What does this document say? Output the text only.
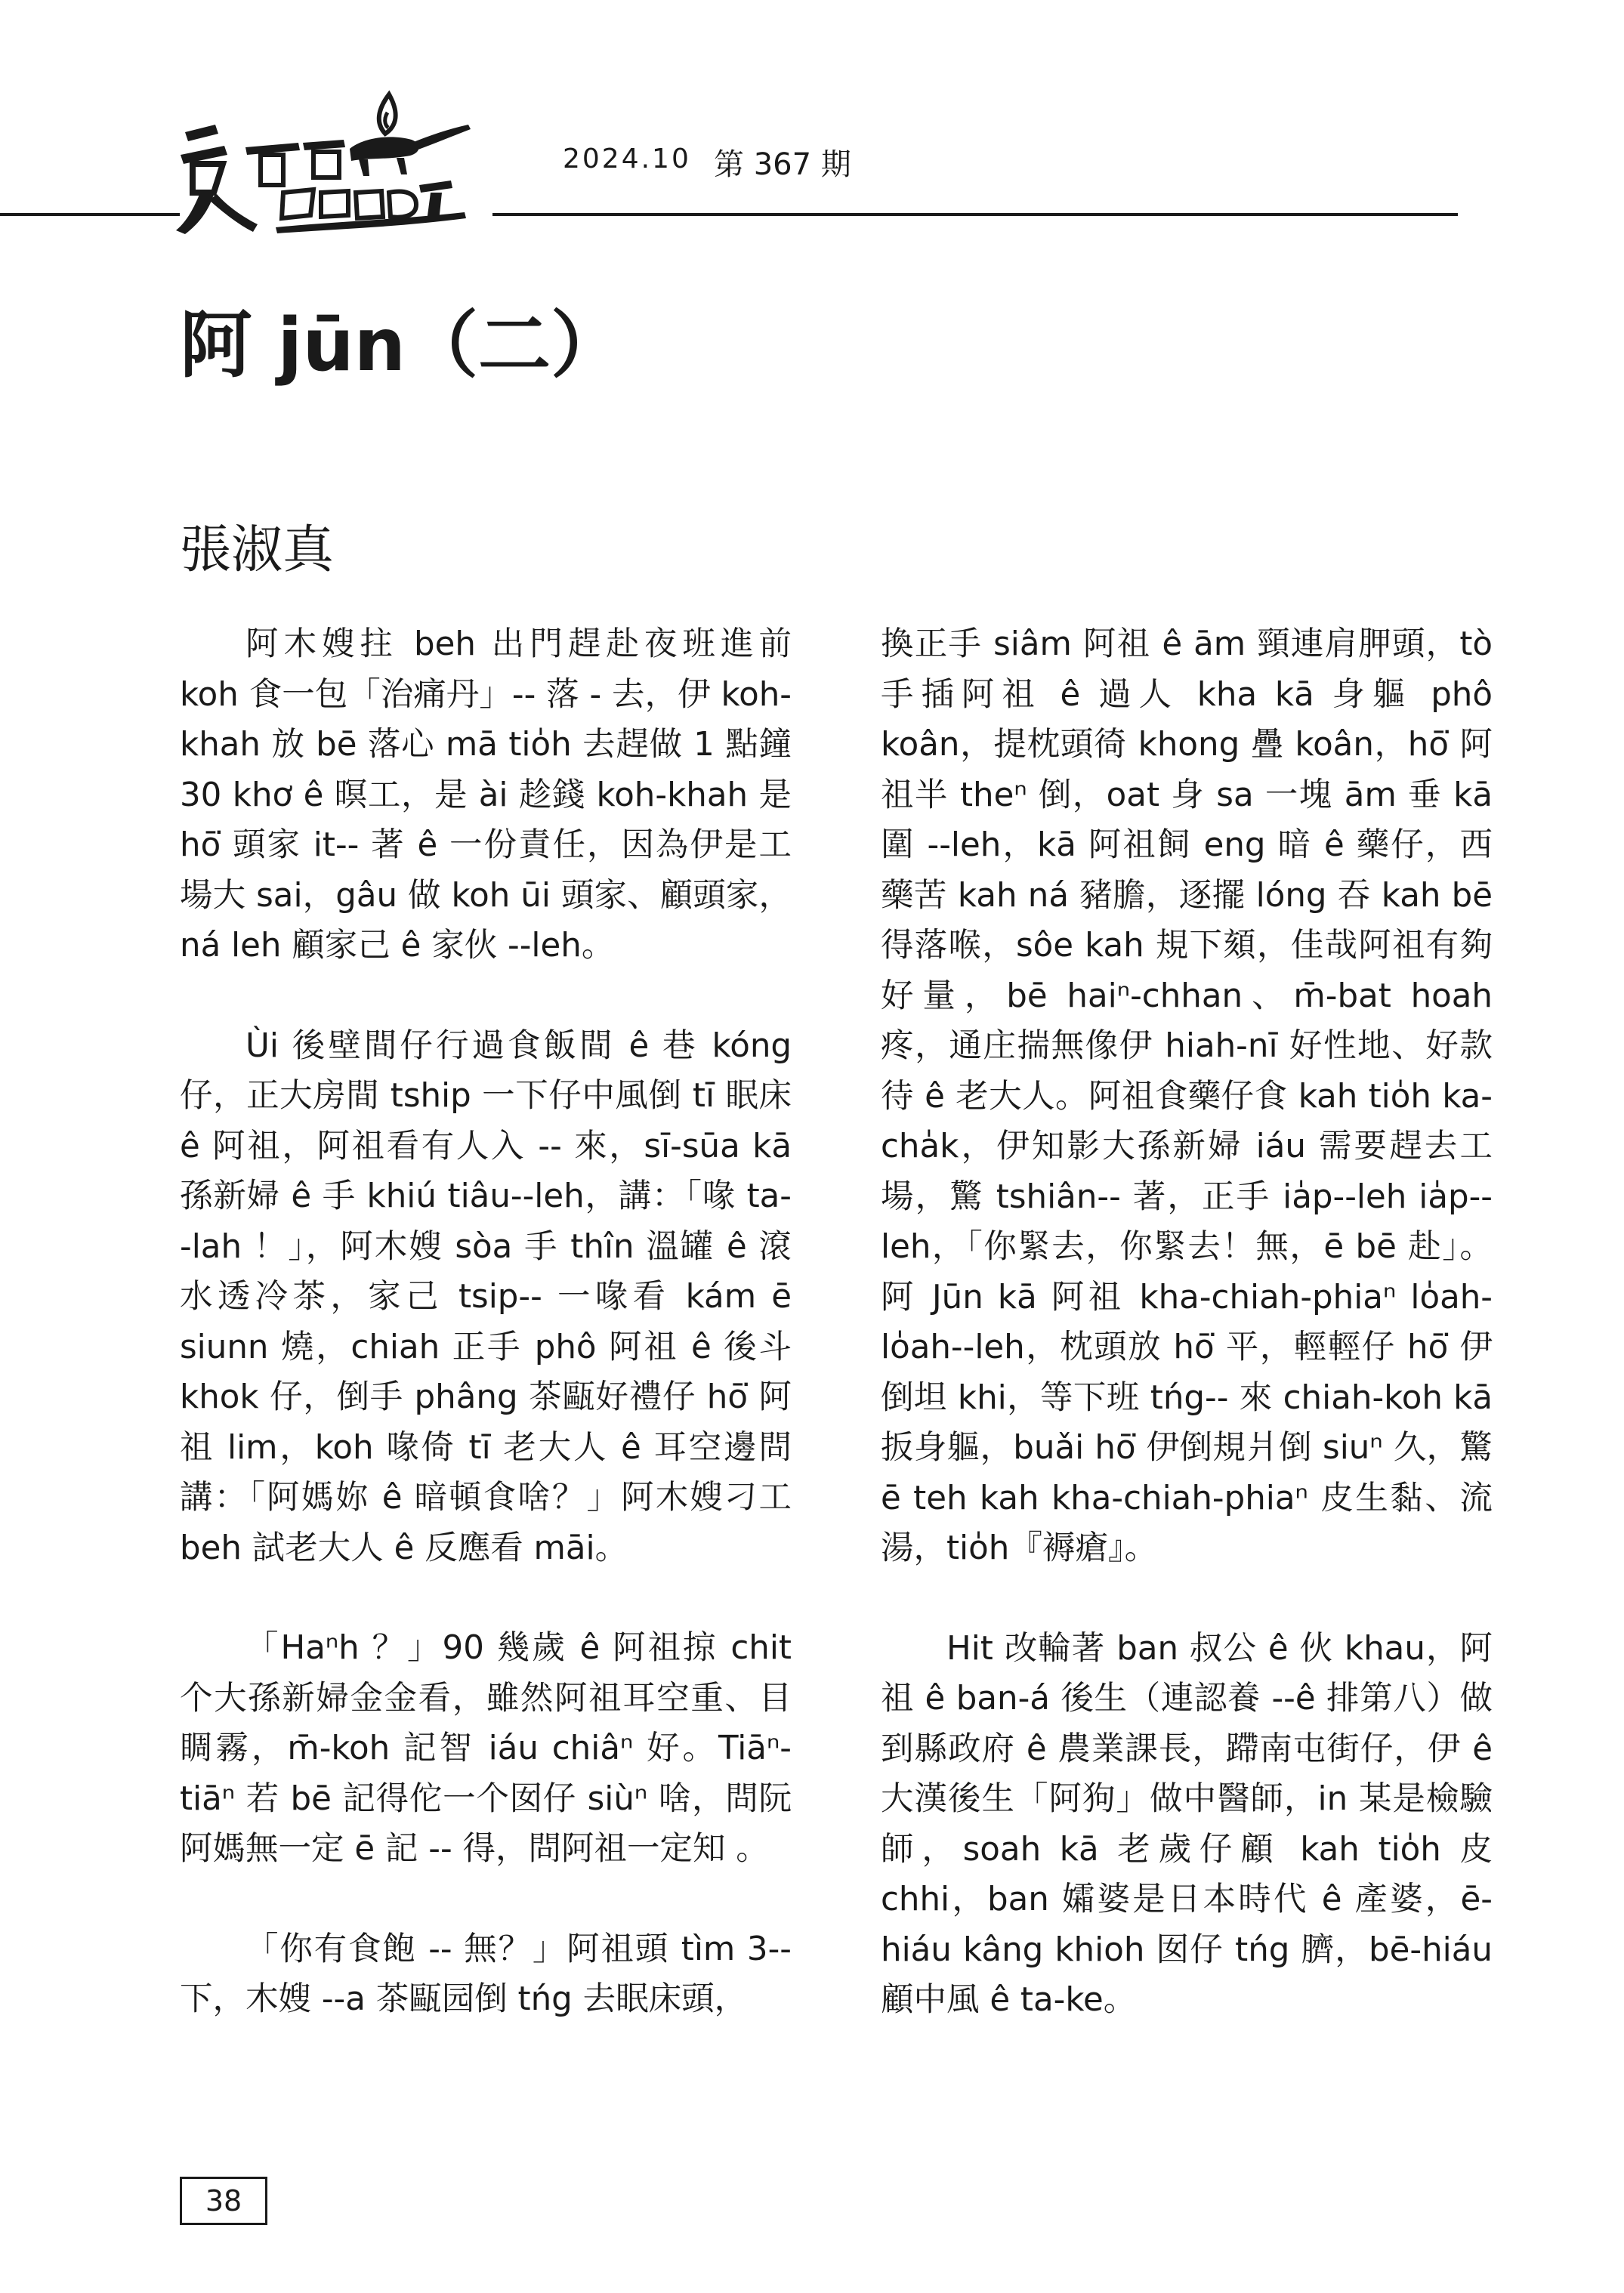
2024.10 第 367 期
阿 jūn（二）
張淑真

阿木嫂拄 beh 出門趕赴夜班進前 koh 食一包「治痛丹」-- 落 - 去，伊 koh-khah 放 bē 落心 mā tio̍h 去趕做 1 點鐘 30 khơ ê 暝工，是 ài 趁錢 koh-khah 是 hō͘ 頭家 it-- 著 ê 一份責任，因為伊是工場大 sai，gâu 做 koh ūi 頭家、顧頭家，ná leh 顧家己 ê 家伙 --leh。

Ùi 後壁間仔行過食飯間 ê 巷 kóng 仔，正大房間 tship 一下仔中風倒 tī 眠床 ê 阿祖，阿祖看有人入 -- 來，sī-sūa kā 孫新婦 ê 手 khiú tiâu--leh，講：「喙 ta--lah ！」，阿木嫂 sòa 手 thîn 溫罐 ê 滾水透冷茶，家己 tsip-- 一喙看 kám ē siunn 燒，chiah 正手 phô 阿祖 ê 後斗 khok 仔，倒手 phâng 茶甌好禮仔 hō͘ 阿祖 lim，koh 喙倚 tī 老大人 ê 耳空邊問講：「阿媽妳 ê 暗頓食啥？」阿木嫂刁工 beh 試老大人 ê 反應看 māi。

「Haⁿh ？」90 幾歲 ê 阿祖掠 chit 个大孫新婦金金看，雖然阿祖耳空重、目睭霧，m̄-koh 記智 iáu chiâⁿ 好。Tiāⁿ-tiāⁿ 若 bē 記得佗一个囡仔 siùⁿ 啥，問阮阿媽無一定 ē 記 -- 得，問阿祖一定知 。

「你有食飽 -- 無？」阿祖頭 tìm 3-- 下，木嫂 --a 茶甌园倒 tńg 去眠床頭，

換正手 siâm 阿祖 ê ām 頸連肩胛頭，tò 手插阿祖 ê 過人 kha kā 身軀 phô koân，提枕頭徛 khong 疊 koân，hō͘ 阿祖半 theⁿ 倒，oat 身 sa 一塊 ām 垂 kā 圍 --leh，kā 阿祖飼 eng 暗 ê 藥仔，西藥苦 kah ná 豬膽，逐擺 lóng 吞 kah bē 得落喉，sôe kah 規下頦，佳哉阿祖有夠好量，bē haiⁿ-chhan、m̄-bat hoah 疼，通庄揣無像伊 hiah-nī 好性地、好款待 ê 老大人。阿祖食藥仔食 kah tio̍h ka-cha̍k，伊知影大孫新婦 iáu 需要趕去工場，驚 tshiân-- 著，正手 ia̍p--leh ia̍p--leh，「你緊去，你緊去！無，ē bē 赴」。阿 Jūn kā 阿祖 kha-chiah-phiaⁿ lo̍ah-lo̍ah--leh，枕頭放 hō͘ 平，輕輕仔 hō͘ 伊倒坦 khi，等下班 tńg-- 來 chiah-koh kā 扳身軀，buǎi hō͘ 伊倒規爿倒 siuⁿ 久，驚 ē teh kah kha-chiah-phiaⁿ 皮生黏、流湯，tio̍h『褥瘡』。

Hit 改輪著 ban 叔公 ê 伙 khau，阿祖 ê ban-á 後生（連認養 --ê 排第八）做到縣政府 ê 農業課長，蹛南屯街仔，伊 ê 大漢後生「阿狗」做中醫師，in 某是檢驗師，soah kā 老歲仔顧 kah tio̍h 皮 chhi，ban 孀婆是日本時代 ê 產婆，ē-hiáu kâng khioh 囡仔 tńg 臍，bē-hiáu 顧中風 ê ta-ke。

38
